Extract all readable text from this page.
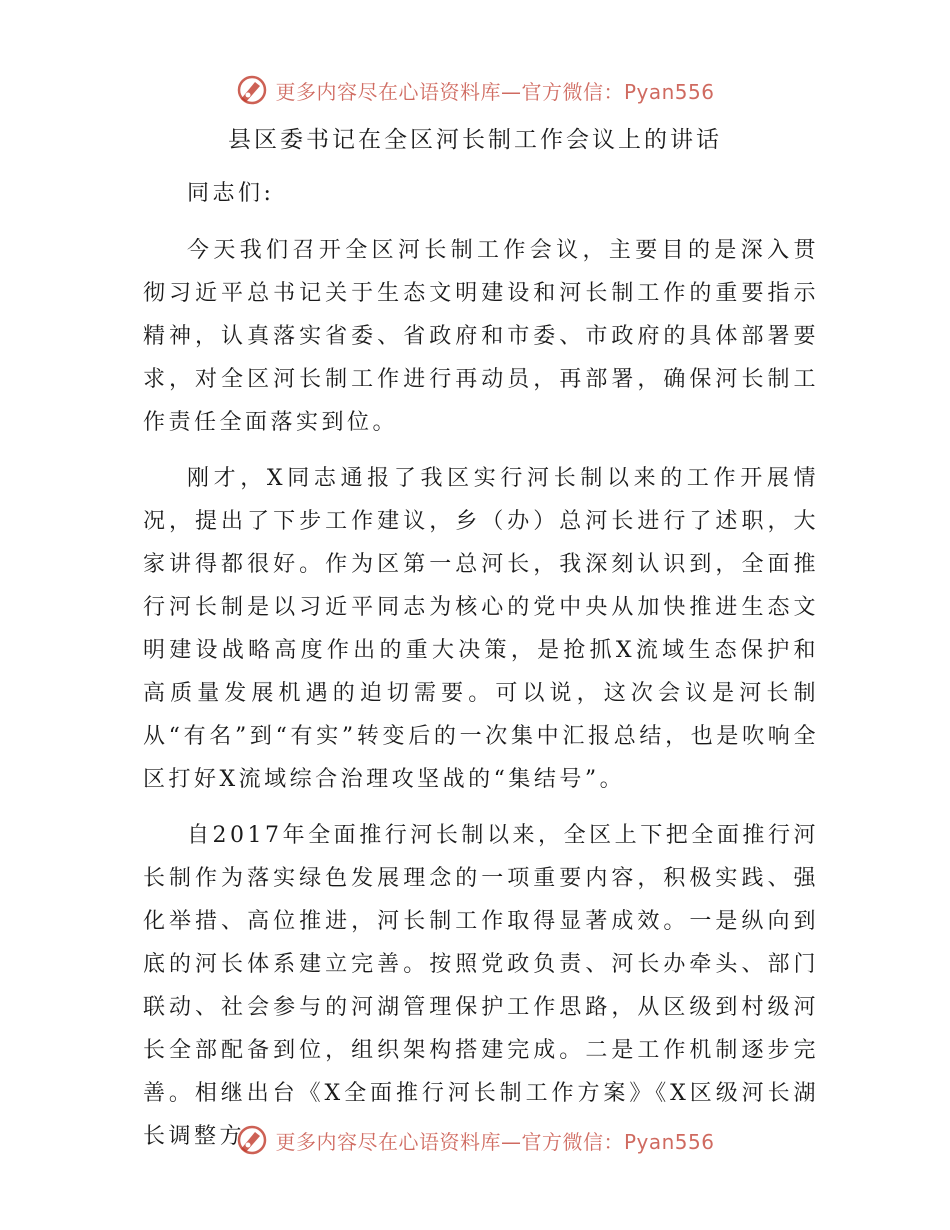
更多内容尽在心语资料库—官方微信：Pyan556
县区委书记在全区河长制工作会议上的讲话

同志们:

今天我们召开全区河长制工作会议，主要目的是深入贯彻习近平总书记关于生态文明建设和河长制工作的重要指示精神，认真落实省委、省政府和市委、市政府的具体部署要求，对全区河长制工作进行再动员，再部署，确保河长制工作责任全面落实到位。

刚才，X同志通报了我区实行河长制以来的工作开展情况，提出了下步工作建议，乡（办）总河长进行了述职，大家讲得都很好。作为区第一总河长，我深刻认识到，全面推行河长制是以习近平同志为核心的党中央从加快推进生态文明建设战略高度作出的重大决策，是抢抓X流域生态保护和高质量发展机遇的迫切需要。可以说，这次会议是河长制从“有名”到“有实”转变后的一次集中汇报总结，也是吹响全区打好X流域综合治理攻坚战的“集结号”。

自2017年全面推行河长制以来，全区上下把全面推行河长制作为落实绿色发展理念的一项重要内容，积极实践、强化举措、高位推进，河长制工作取得显著成效。一是纵向到底的河长体系建立完善。按照党政负责、河长办牵头、部门联动、社会参与的河湖管理保护工作思路，从区级到村级河长全部配备到位，组织架构搭建完成。二是工作机制逐步完善。相继出台《X全面推行河长制工作方案》《X区级河长湖长调整方	更多内容尽在心语资料库—官方微信：Pyan556
